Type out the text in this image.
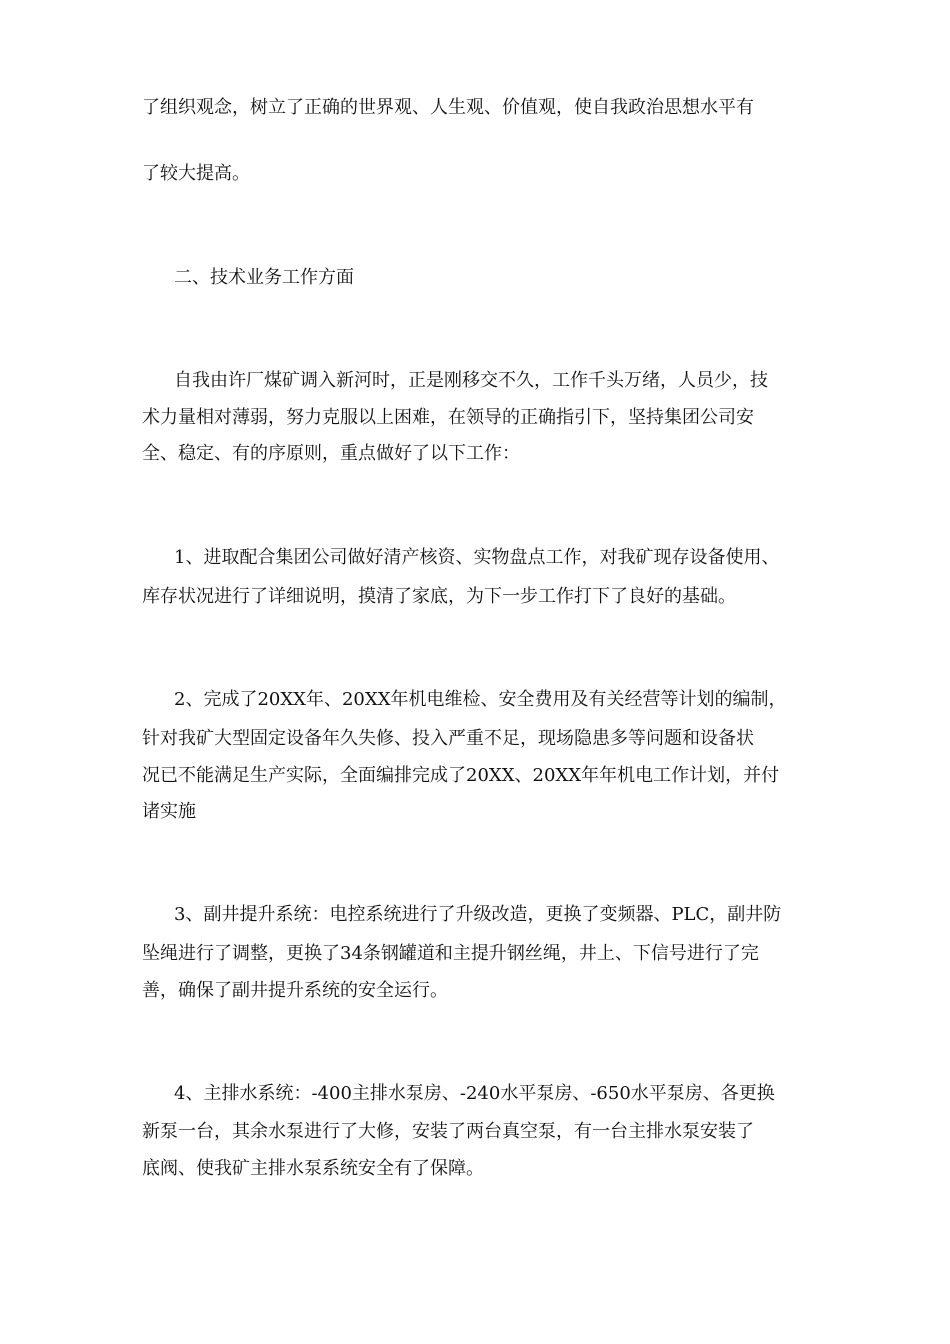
了组织观念，树立了正确的世界观、人生观、价值观，使自我政治思想水平有
了较大提高。
二、技术业务工作方面
自我由许厂煤矿调入新河时，正是刚移交不久，工作千头万绪，人员少，技
术力量相对薄弱，努力克服以上困难，在领导的正确指引下，坚持集团公司安
全、稳定、有的序原则，重点做好了以下工作：
1、进取配合集团公司做好清产核资、实物盘点工作，对我矿现存设备使用、
库存状况进行了详细说明，摸清了家底，为下一步工作打下了良好的基础。
2、完成了20XX年、20XX年机电维检、安全费用及有关经营等计划的编制，
针对我矿大型固定设备年久失修、投入严重不足，现场隐患多等问题和设备状
况已不能满足生产实际，全面编排完成了20XX、20XX年年机电工作计划，并付
诸实施
3、副井提升系统：电控系统进行了升级改造，更换了变频器、PLC，副井防
坠绳进行了调整，更换了34条钢罐道和主提升钢丝绳，井上、下信号进行了完
善，确保了副井提升系统的安全运行。
4、主排水系统：-400主排水泵房、-240水平泵房、-650水平泵房、各更换
新泵一台，其余水泵进行了大修，安装了两台真空泵，有一台主排水泵安装了
底阀、使我矿主排水泵系统安全有了保障。
